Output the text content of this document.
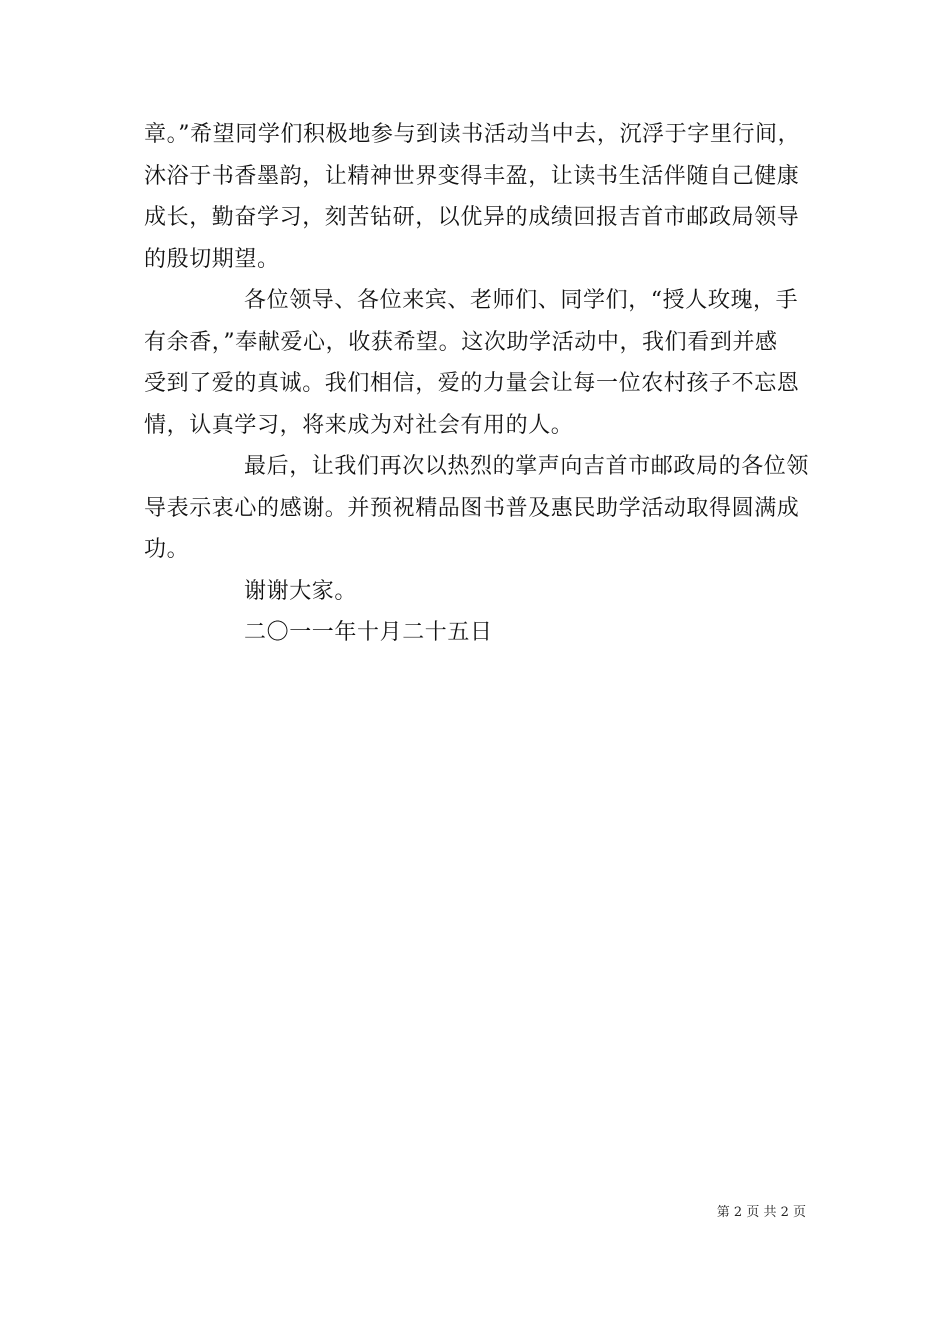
章。”希望同学们积极地参与到读书活动当中去，沉浮于字里行间，
沐浴于书香墨韵，让精神世界变得丰盈，让读书生活伴随自己健康
成长，勤奋学习，刻苦钻研，以优异的成绩回报吉首市邮政局领导
的殷切期望。
各位领导、各位来宾、老师们、同学们，“授人玫瑰，手
有余香，”奉献爱心，收获希望。这次助学活动中，我们看到并感
受到了爱的真诚。我们相信，爱的力量会让每一位农村孩子不忘恩
情，认真学习，将来成为对社会有用的人。
最后，让我们再次以热烈的掌声向吉首市邮政局的各位领
导表示衷心的感谢。并预祝精品图书普及惠民助学活动取得圆满成
功。
谢谢大家。
二〇一一年十月二十五日
第 2 页 共 2 页
